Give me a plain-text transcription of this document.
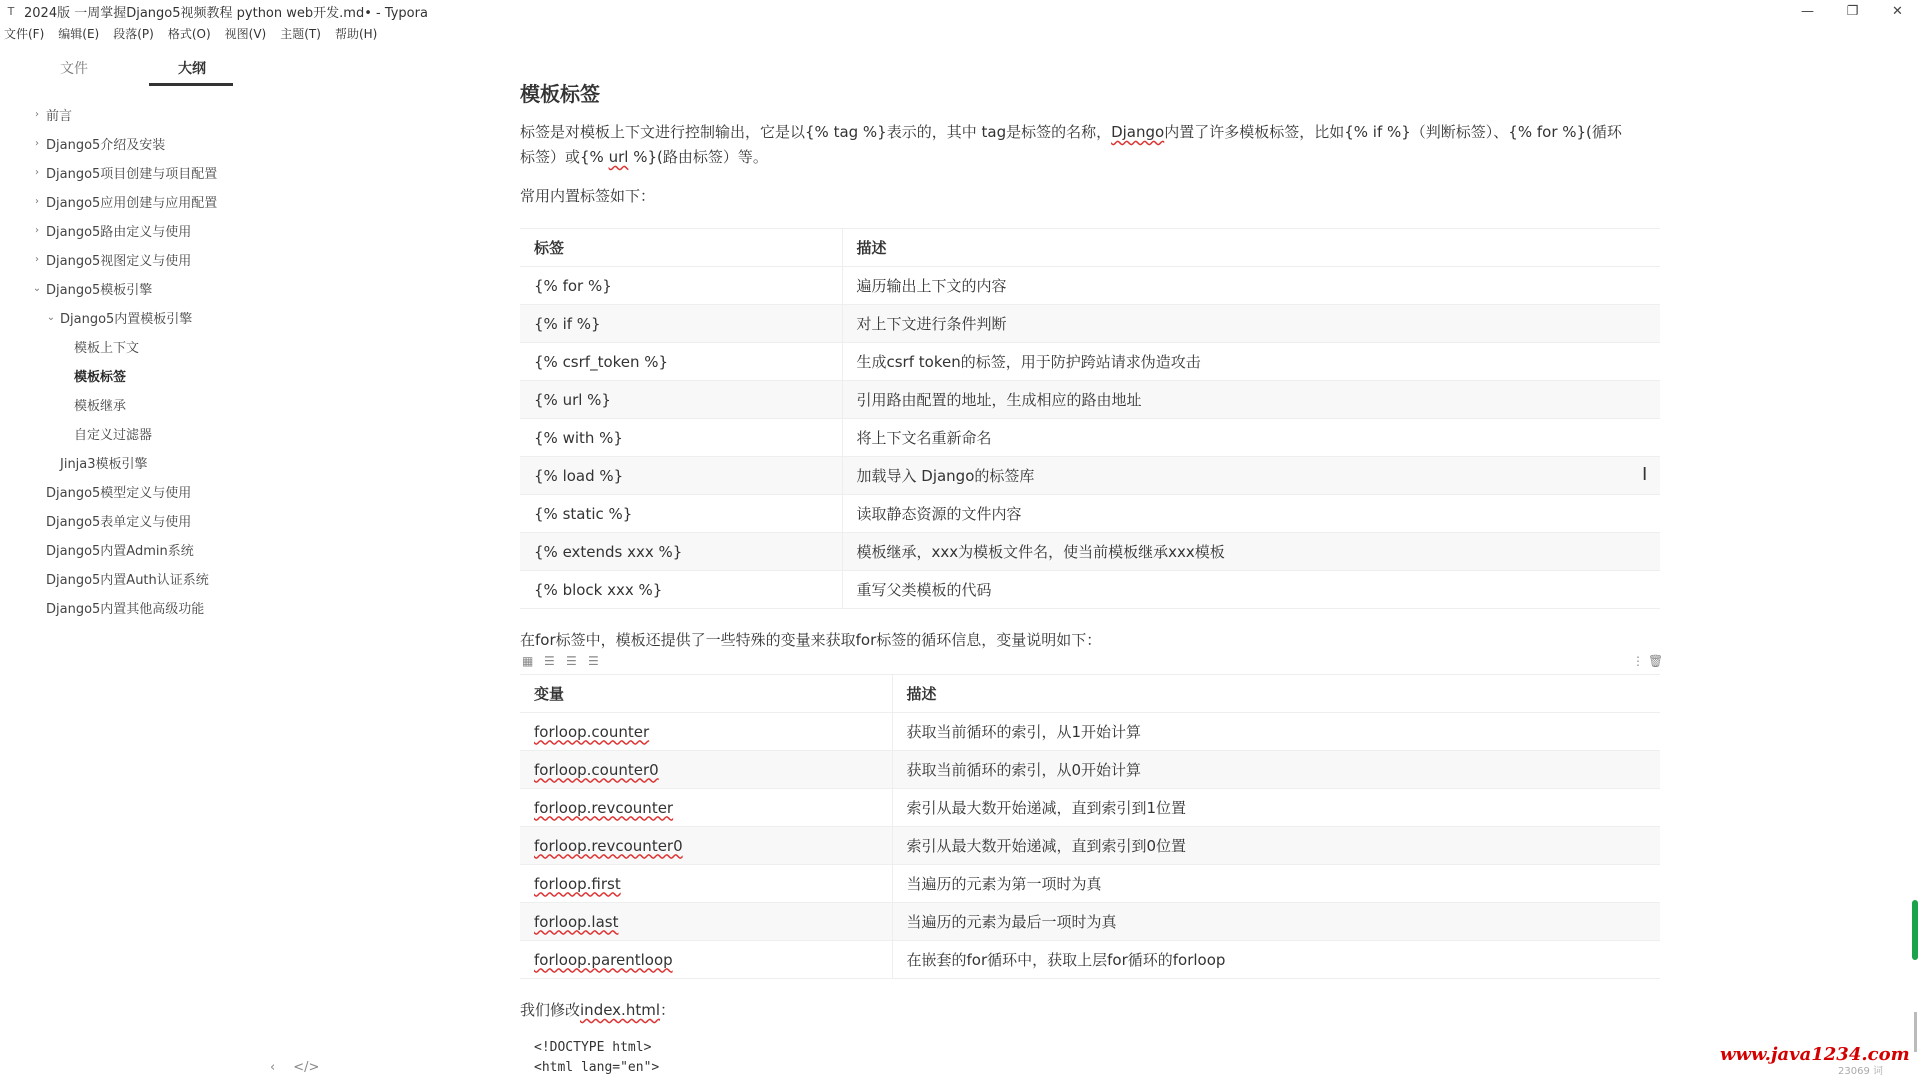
T 2024版 一周掌握Django5视频教程 python web开发.md• - Typora	—	❐	✕
文件(F) 编辑(E) 段落(P) 格式(O) 视图(V) 主题(T) 帮助(H)
文件	大纲
› 前言
› Django5介绍及安装
› Django5项目创建与项目配置
› Django5应用创建与应用配置
› Django5路由定义与使用
› Django5视图定义与使用
⌄ Django5模板引擎
⌄ Django5内置模板引擎
模板上下文
模板标签
模板继承
自定义过滤器
Jinja3模板引擎
Django5模型定义与使用
Django5表单定义与使用
Django5内置Admin系统
Django5内置Auth认证系统
Django5内置其他高级功能
‹ </>
模板标签
标签是对模板上下文进行控制输出，它是以{% tag %}表示的，其中 tag是标签的名称，Django内置了许多模板标签，比如{% if %}（判断标签）、{% for %}(循环
标签）或{% url %}(路由标签）等。
常用内置标签如下：
标签	描述
{% for %}	遍历输出上下文的内容
{% if %}	对上下文进行条件判断
{% csrf_token %}	生成csrf token的标签，用于防护跨站请求伪造攻击
{% url %}	引用路由配置的地址，生成相应的路由地址
{% with %}	将上下文名重新命名
{% load %}	加载导入 Django的标签库
{% static %}	读取静态资源的文件内容
{% extends xxx %}	模板继承，xxx为模板文件名，使当前模板继承xxx模板
{% block xxx %}	重写父类模板的代码
在for标签中，模板还提供了一些特殊的变量来获取for标签的循环信息，变量说明如下：
▦ ☰ ☰ ☰	⋮ 🗑
变量	描述
forloop.counter	获取当前循环的索引，从1开始计算
forloop.counter0	获取当前循环的索引，从0开始计算
forloop.revcounter	索引从最大数开始递减，直到索引到1位置
forloop.revcounter0	索引从最大数开始递减，直到索引到0位置
forloop.first	当遍历的元素为第一项时为真
forloop.last	当遍历的元素为最后一项时为真
forloop.parentloop	在嵌套的for循环中，获取上层for循环的forloop
我们修改index.html：
<!DOCTYPE html>
<html lang="en">
I
www.java1234.com
23069 词
